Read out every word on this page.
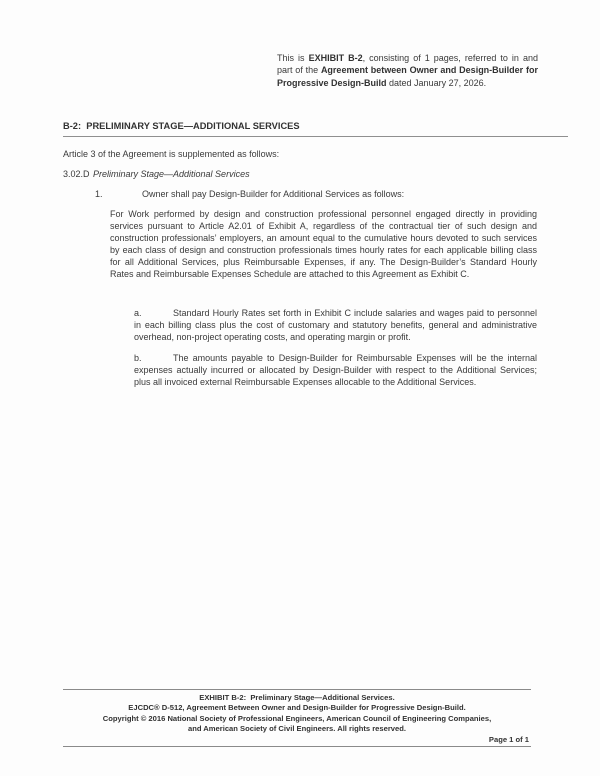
This is EXHIBIT B-2, consisting of 1 pages, referred to in and part of the Agreement between Owner and Design-Builder for Progressive Design-Build dated January 27, 2026.
B-2:  PRELIMINARY STAGE—ADDITIONAL SERVICES
Article 3 of the Agreement is supplemented as follows:
3.02.D Preliminary Stage—Additional Services
1.	Owner shall pay Design-Builder for Additional Services as follows:
For Work performed by design and construction professional personnel engaged directly in providing services pursuant to Article A2.01 of Exhibit A, regardless of the contractual tier of such design and construction professionals’ employers, an amount equal to the cumulative hours devoted to such services by each class of design and construction professionals times hourly rates for each applicable billing class for all Additional Services, plus Reimbursable Expenses, if any. The Design-Builder’s Standard Hourly Rates and Reimbursable Expenses Schedule are attached to this Agreement as Exhibit C.
a.	Standard Hourly Rates set forth in Exhibit C include salaries and wages paid to personnel in each billing class plus the cost of customary and statutory benefits, general and administrative overhead, non-project operating costs, and operating margin or profit.
b.	The amounts payable to Design-Builder for Reimbursable Expenses will be the internal expenses actually incurred or allocated by Design-Builder with respect to the Additional Services; plus all invoiced external Reimbursable Expenses allocable to the Additional Services.
EXHIBIT B-2:  Preliminary Stage—Additional Services.
EJCDC® D-512, Agreement Between Owner and Design-Builder for Progressive Design-Build.
Copyright © 2016 National Society of Professional Engineers, American Council of Engineering Companies,
and American Society of Civil Engineers. All rights reserved.
Page 1 of 1
